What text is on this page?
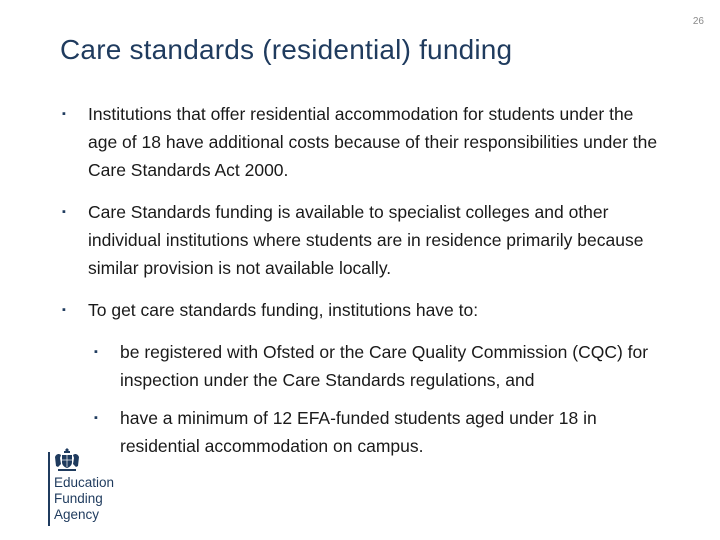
26
Care standards (residential) funding
▪ Institutions that offer residential accommodation for students under the age of 18 have additional costs because of their responsibilities under the Care Standards Act 2000.
▪ Care Standards funding is available to specialist colleges and other individual institutions where students are in residence primarily because similar provision is not available locally.
▪ To get care standards funding, institutions have to:
▪ be registered with Ofsted or the Care Quality Commission (CQC) for inspection under the Care Standards regulations, and
▪ have a minimum of 12 EFA-funded students aged under 18 in residential accommodation on campus.
Education
Funding
Agency
